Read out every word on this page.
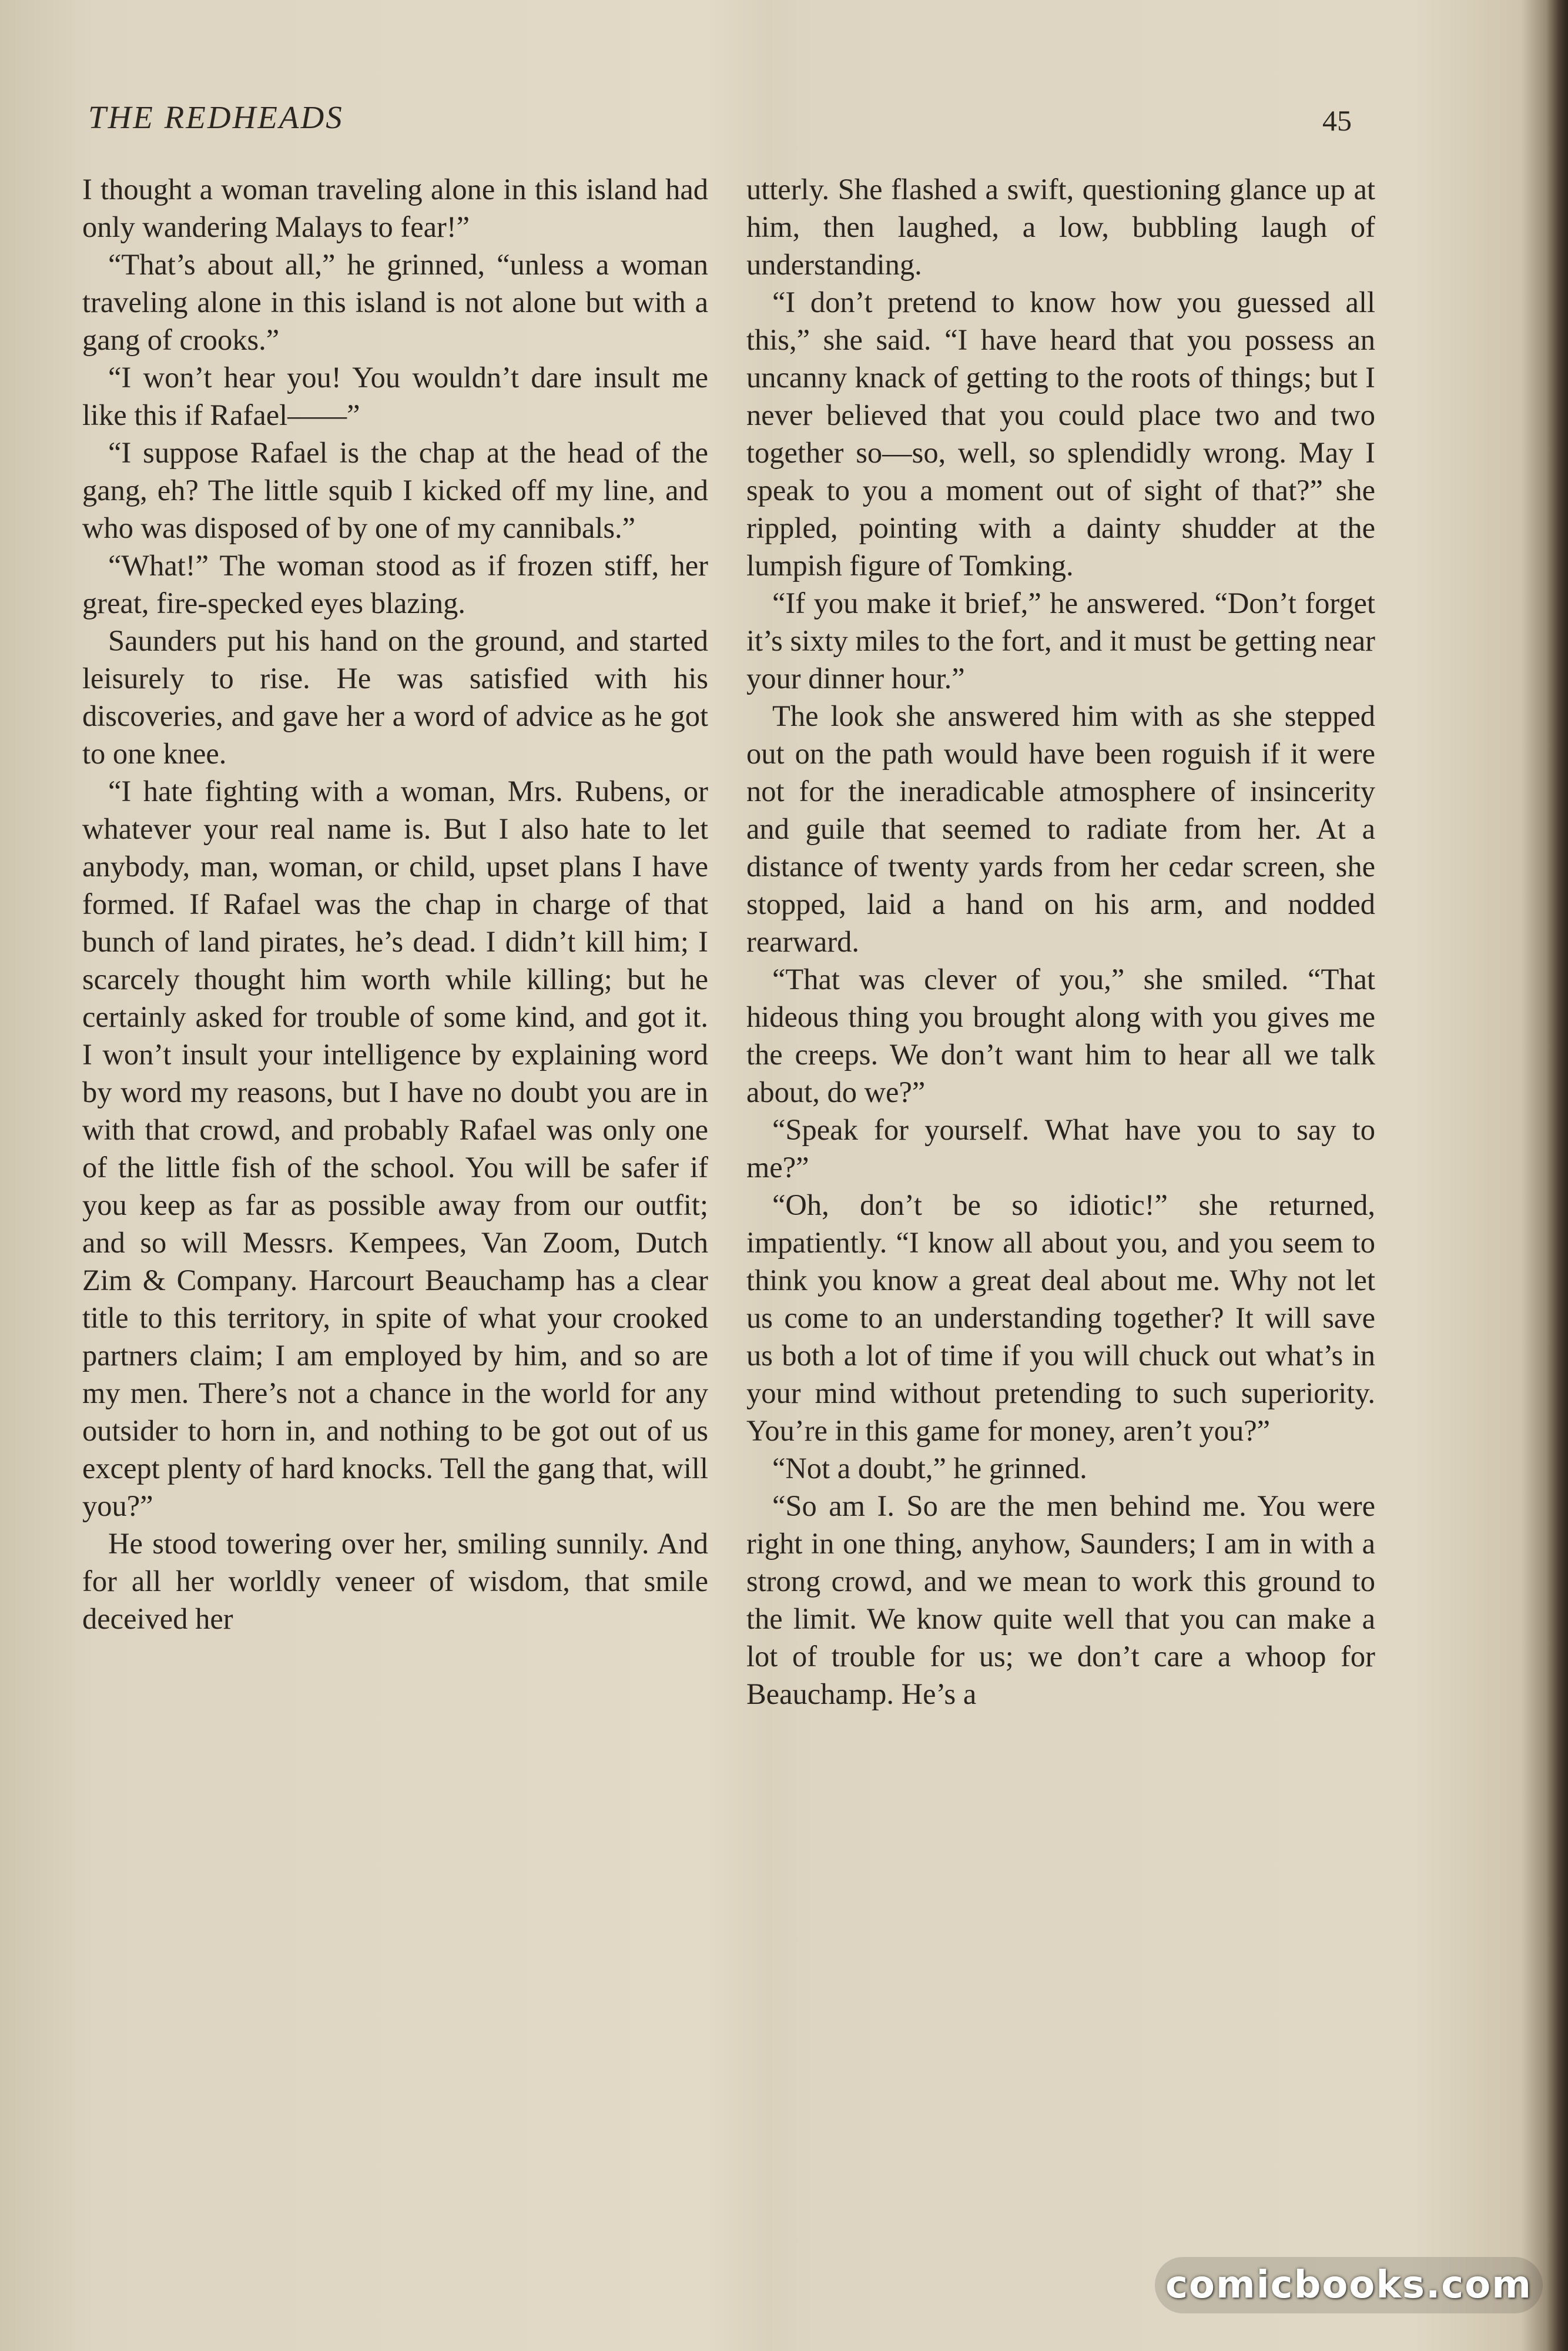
THE REDHEADS	45

I thought a woman traveling alone in this island had only wandering Malays to fear!”

“That’s about all,” he grinned, “unless a woman traveling alone in this island is not alone but with a gang of crooks.”

“I won’t hear you! You wouldn’t dare insult me like this if Rafael——”

“I suppose Rafael is the chap at the head of the gang, eh? The little squib I kicked off my line, and who was disposed of by one of my cannibals.”

“What!” The woman stood as if frozen stiff, her great, fire-specked eyes blazing.

Saunders put his hand on the ground, and started leisurely to rise. He was satisfied with his discoveries, and gave her a word of advice as he got to one knee.

“I hate fighting with a woman, Mrs. Rubens, or whatever your real name is. But I also hate to let anybody, man, woman, or child, upset plans I have formed. If Rafael was the chap in charge of that bunch of land pirates, he’s dead. I didn’t kill him; I scarcely thought him worth while killing; but he certainly asked for trouble of some kind, and got it. I won’t insult your intelligence by explaining word by word my reasons, but I have no doubt you are in with that crowd, and probably Rafael was only one of the little fish of the school. You will be safer if you keep as far as possible away from our outfit; and so will Messrs. Kempees, Van Zoom, Dutch Zim & Company. Harcourt Beauchamp has a clear title to this territory, in spite of what your crooked partners claim; I am employed by him, and so are my men. There’s not a chance in the world for any outsider to horn in, and nothing to be got out of us except plenty of hard knocks. Tell the gang that, will you?”

He stood towering over her, smiling sunnily. And for all her worldly veneer of wisdom, that smile deceived her

utterly. She flashed a swift, questioning glance up at him, then laughed, a low, bubbling laugh of understanding.

“I don’t pretend to know how you guessed all this,” she said. “I have heard that you possess an uncanny knack of getting to the roots of things; but I never believed that you could place two and two together so—so, well, so splendidly wrong. May I speak to you a moment out of sight of that?” she rippled, pointing with a dainty shudder at the lumpish figure of Tomking.

“If you make it brief,” he answered. “Don’t forget it’s sixty miles to the fort, and it must be getting near your dinner hour.”

The look she answered him with as she stepped out on the path would have been roguish if it were not for the ineradicable atmosphere of insincerity and guile that seemed to radiate from her. At a distance of twenty yards from her cedar screen, she stopped, laid a hand on his arm, and nodded rearward.

“That was clever of you,” she smiled. “That hideous thing you brought along with you gives me the creeps. We don’t want him to hear all we talk about, do we?”

“Speak for yourself. What have you to say to me?”

“Oh, don’t be so idiotic!” she returned, impatiently. “I know all about you, and you seem to think you know a great deal about me. Why not let us come to an understanding together? It will save us both a lot of time if you will chuck out what’s in your mind without pretending to such superiority. You’re in this game for money, aren’t you?”

“Not a doubt,” he grinned.

“So am I. So are the men behind me. You were right in one thing, anyhow, Saunders; I am in with a strong crowd, and we mean to work this ground to the limit. We know quite well that you can make a lot of trouble for us; we don’t care a whoop for Beauchamp. He’s a

comicbooks.com
